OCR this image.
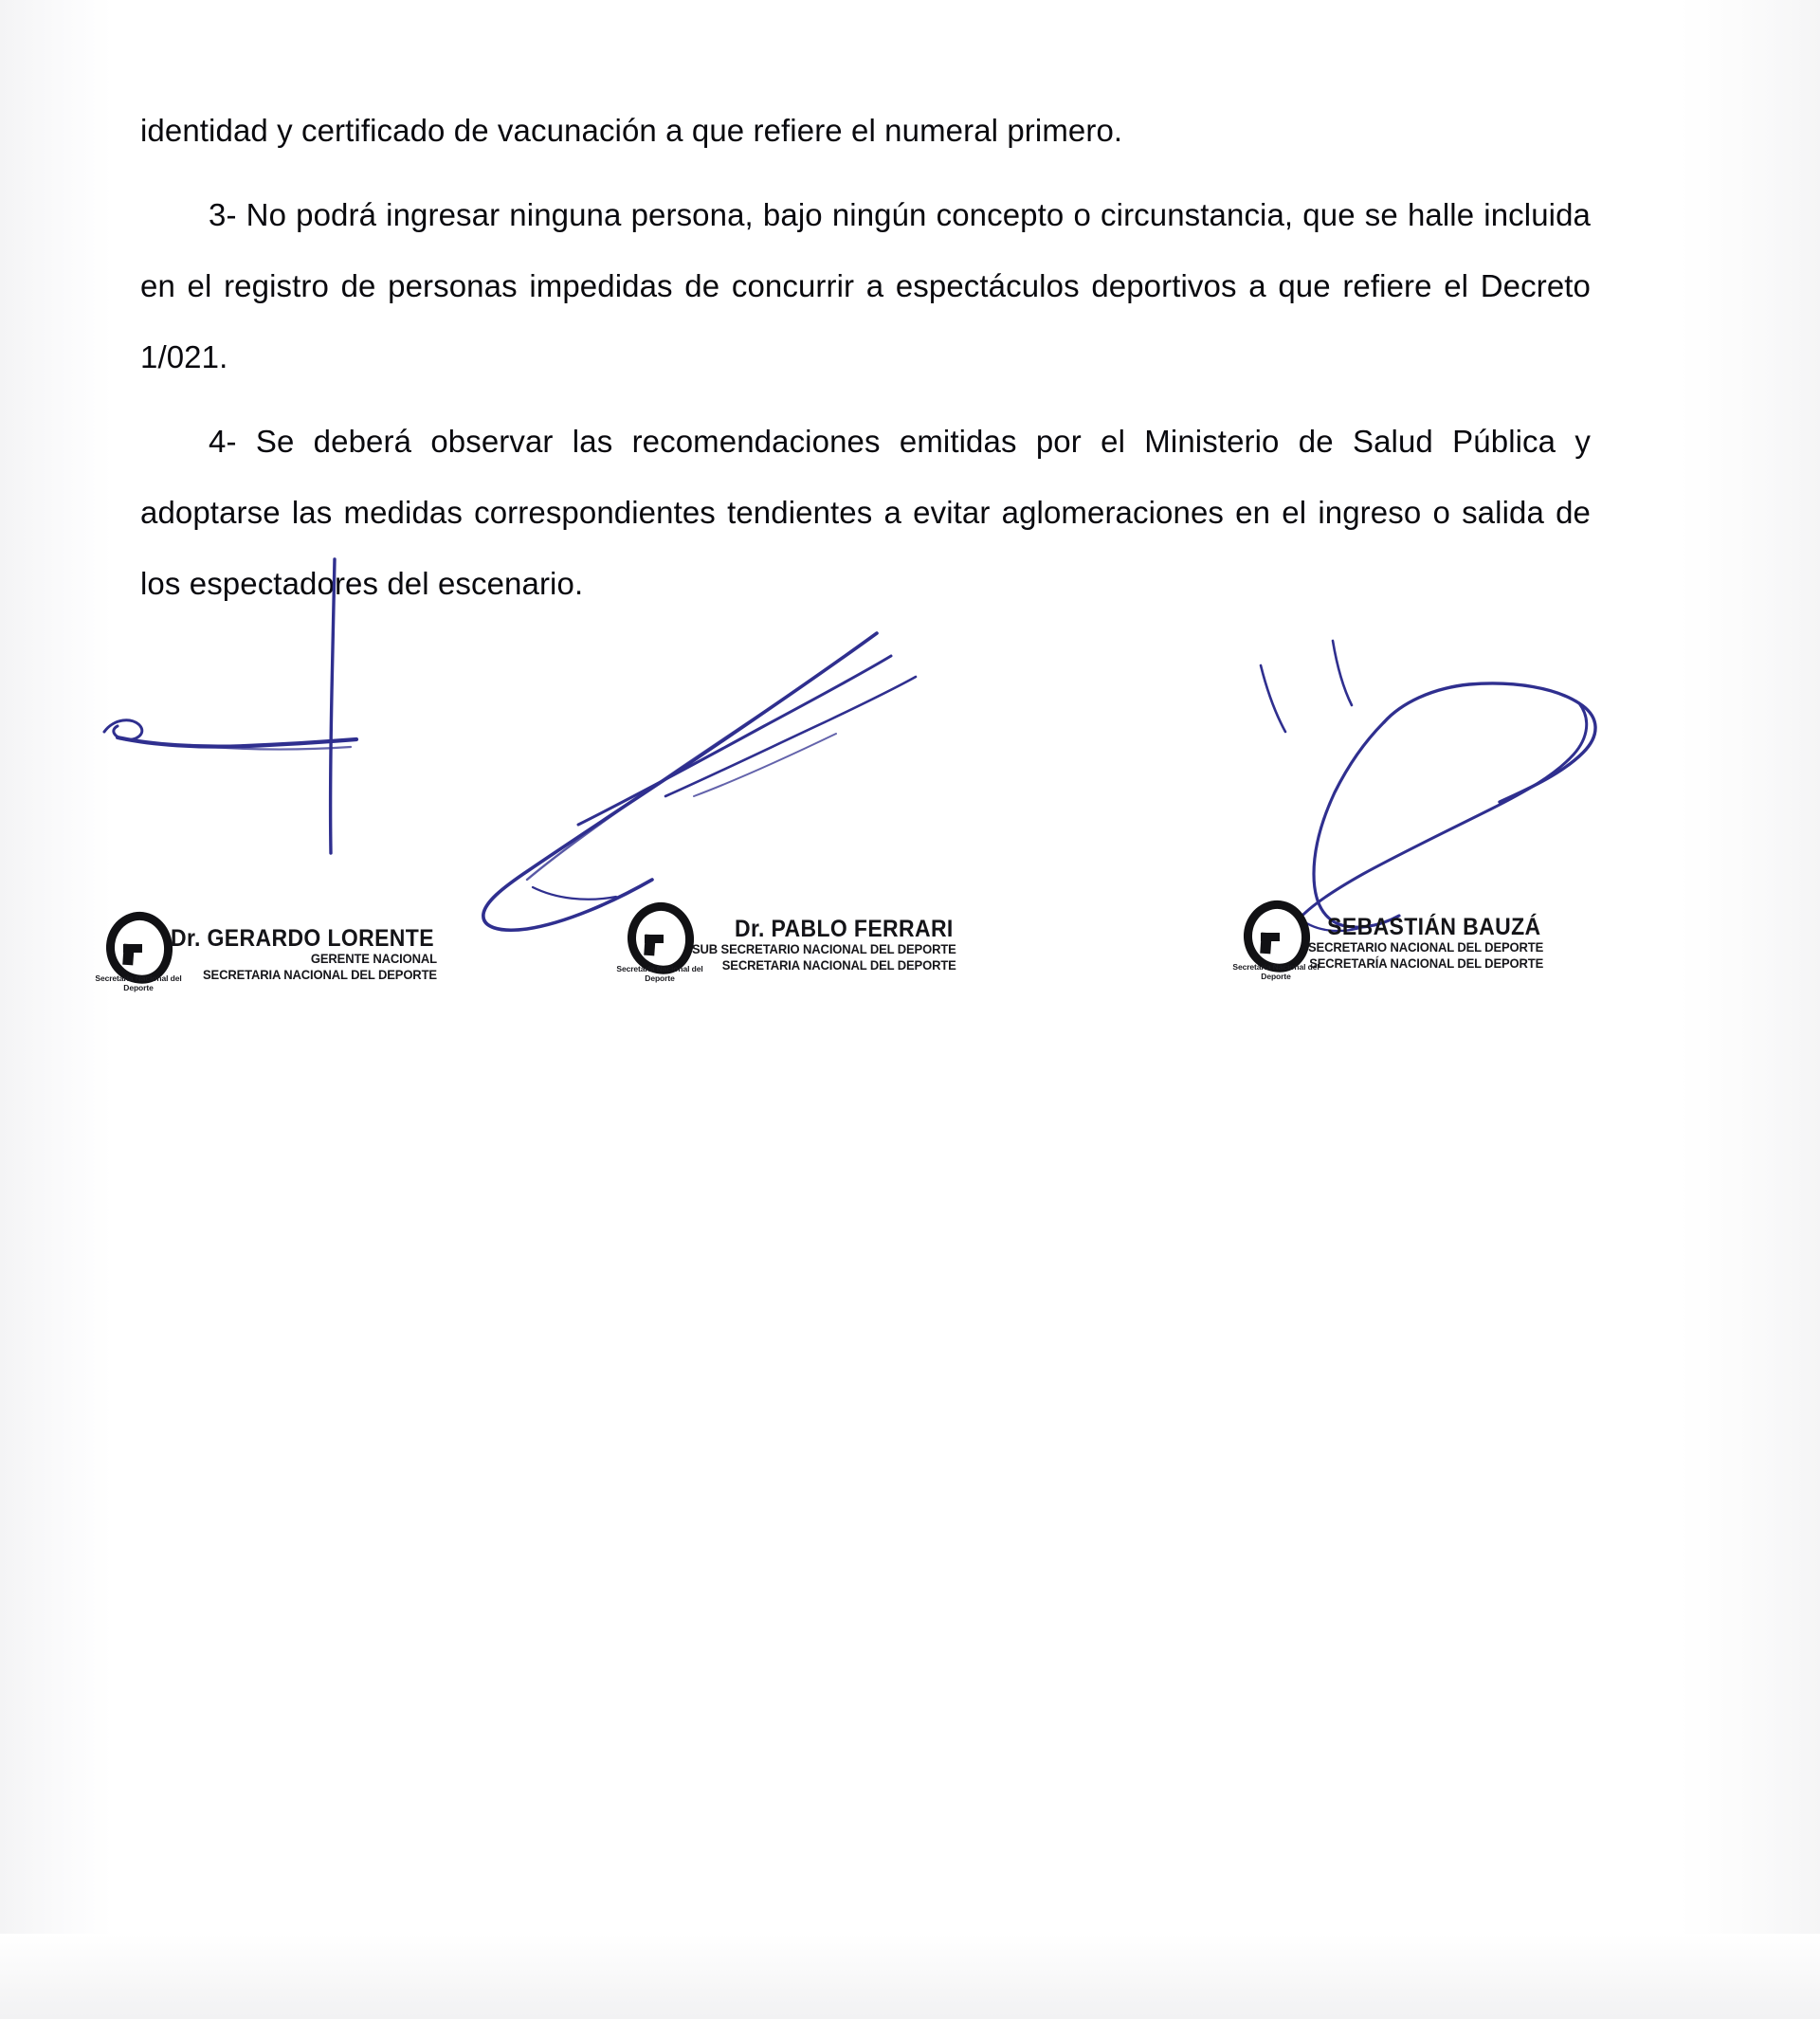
identidad y certificado de vacunación a que refiere el numeral primero.

3- No podrá ingresar ninguna persona, bajo ningún concepto o circunstancia, que se halle incluida en el registro de personas impedidas de concurrir a espectáculos deportivos a que refiere el Decreto 1/021.

4- Se deberá observar las recomendaciones emitidas por el Ministerio de Salud Pública y adoptarse las medidas correspondientes tendientes a evitar aglomeraciones en el ingreso o salida de los espectadores del escenario.

Secretaría Nacional del Deporte
Dr. GERARDO LORENTE
GERENTE NACIONAL
SECRETARIA NACIONAL DEL DEPORTE	Secretaría Nacional del Deporte
Dr. PABLO FERRARI
SUB SECRETARIO NACIONAL DEL DEPORTE
SECRETARIA NACIONAL DEL DEPORTE	Secretaría Nacional del Deporte
SEBASTIÁN BAUZÁ
SECRETARIO NACIONAL DEL DEPORTE
SECRETARÍA NACIONAL DEL DEPORTE
